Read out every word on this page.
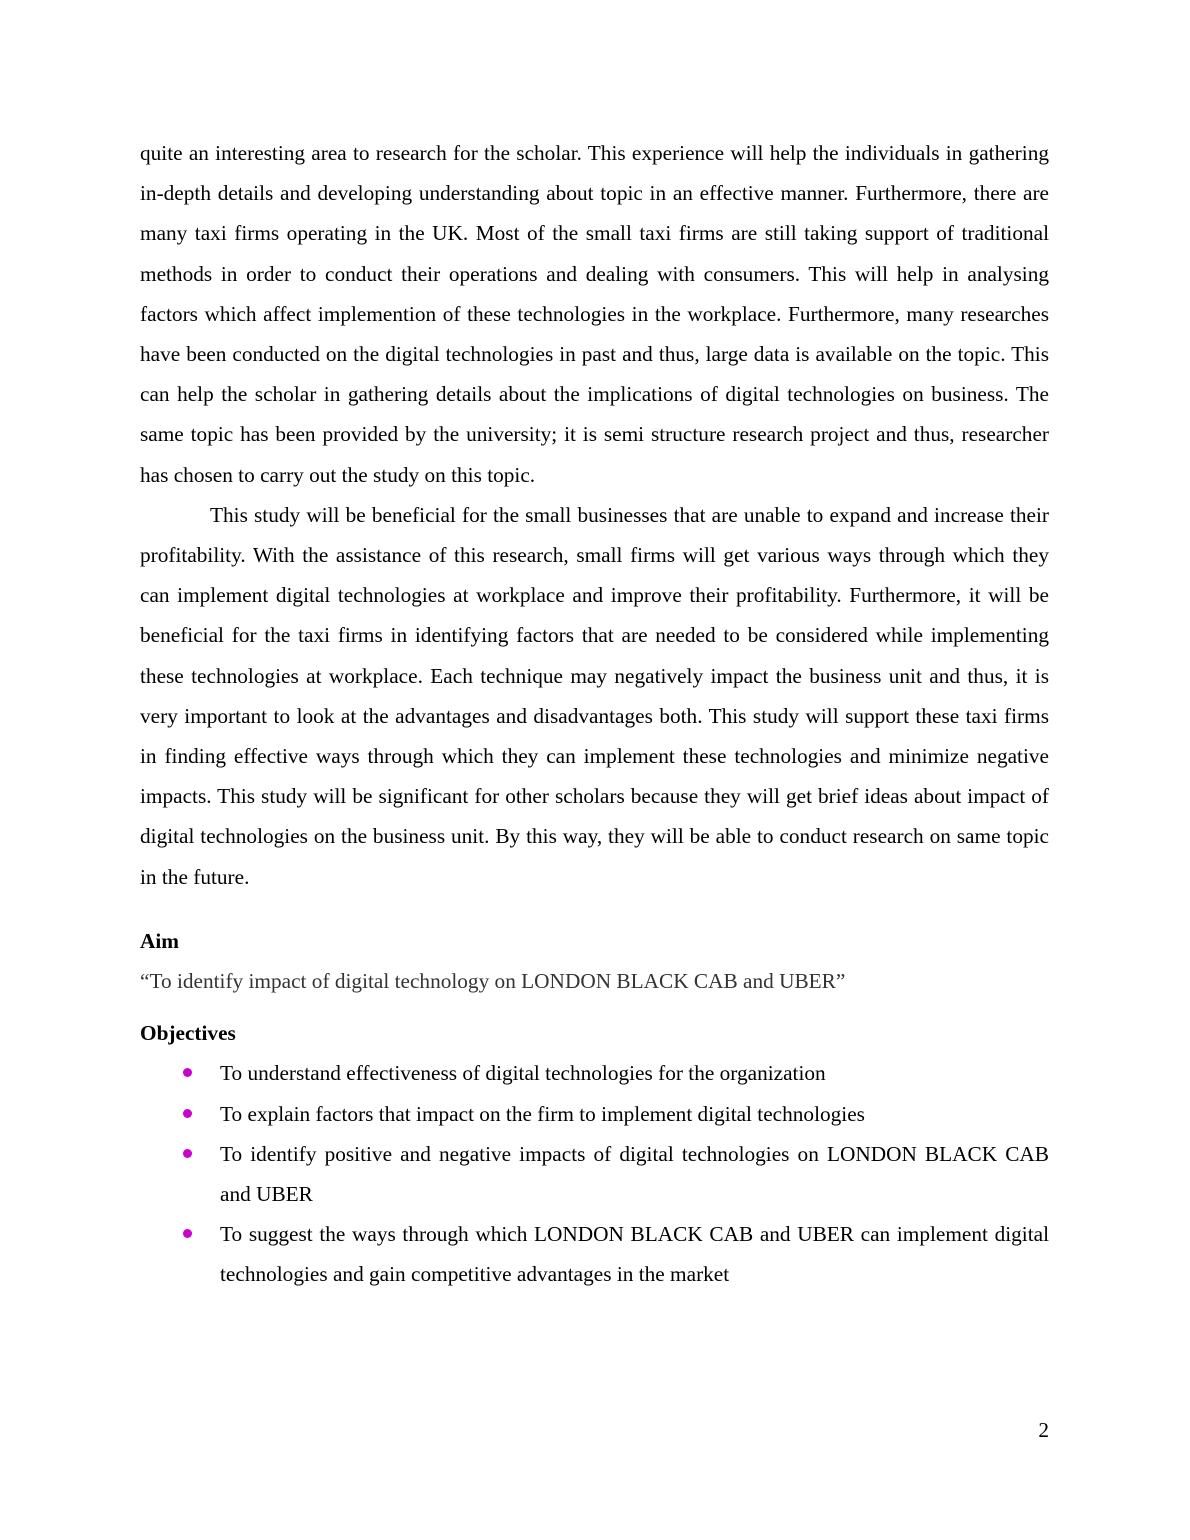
quite an interesting area to research for the scholar. This experience will help the individuals in gathering in-depth details and developing understanding about topic in an effective manner. Furthermore, there are many taxi firms operating in the UK. Most of the small taxi firms are still taking support of traditional methods in order to conduct their operations and dealing with consumers. This will help in analysing factors which affect implemention of these technologies in the workplace. Furthermore, many researches have been conducted on the digital technologies in past and thus, large data is available on the topic. This can help the scholar in gathering details about the implications of digital technologies on business. The same topic has been provided by the university; it is semi structure research project and thus, researcher has chosen to carry out the study on this topic.

This study will be beneficial for the small businesses that are unable to expand and increase their profitability. With the assistance of this research, small firms will get various ways through which they can implement digital technologies at workplace and improve their profitability. Furthermore, it will be beneficial for the taxi firms in identifying factors that are needed to be considered while implementing these technologies at workplace. Each technique may negatively impact the business unit and thus, it is very important to look at the advantages and disadvantages both. This study will support these taxi firms in finding effective ways through which they can implement these technologies and minimize negative impacts. This study will be significant for other scholars because they will get brief ideas about impact of digital technologies on the business unit. By this way, they will be able to conduct research on same topic in the future.

Aim

“To identify impact of digital technology on LONDON BLACK CAB and UBER”

Objectives

To understand effectiveness of digital technologies for the organization
To explain factors that impact on the firm to implement digital technologies
To identify positive and negative impacts of digital technologies on LONDON BLACK CAB and UBER
To suggest the ways through which LONDON BLACK CAB and UBER can implement digital technologies and gain competitive advantages in the market
2
